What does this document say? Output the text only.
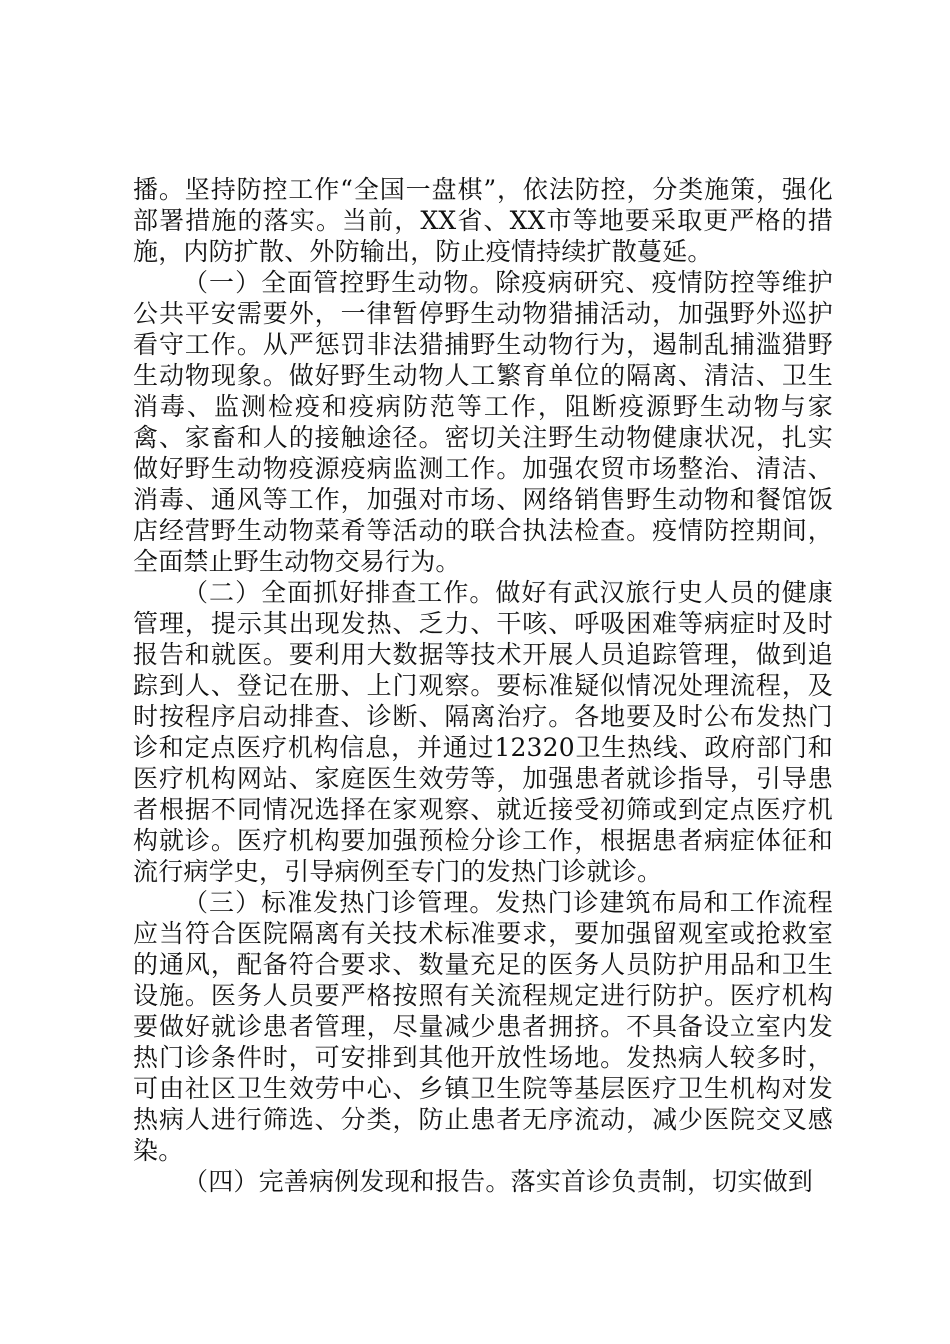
播。坚持防控工作“全国一盘棋”，依法防控，分类施策，强化部署措施的落实。当前，XX省、XX市等地要采取更严格的措施，内防扩散、外防输出，防止疫情持续扩散蔓延。

（一）全面管控野生动物。除疫病研究、疫情防控等维护公共平安需要外，一律暂停野生动物猎捕活动，加强野外巡护看守工作。从严惩罚非法猎捕野生动物行为，遏制乱捕滥猎野生动物现象。做好野生动物人工繁育单位的隔离、清洁、卫生消毒、监测检疫和疫病防范等工作，阻断疫源野生动物与家禽、家畜和人的接触途径。密切关注野生动物健康状况，扎实做好野生动物疫源疫病监测工作。加强农贸市场整治、清洁、消毒、通风等工作，加强对市场、网络销售野生动物和餐馆饭店经营野生动物菜肴等活动的联合执法检查。疫情防控期间，全面禁止野生动物交易行为。

（二）全面抓好排查工作。做好有武汉旅行史人员的健康管理，提示其出现发热、乏力、干咳、呼吸困难等病症时及时报告和就医。要利用大数据等技术开展人员追踪管理，做到追踪到人、登记在册、上门观察。要标准疑似情况处理流程，及时按程序启动排查、诊断、隔离治疗。各地要及时公布发热门诊和定点医疗机构信息，并通过12320卫生热线、政府部门和医疗机构网站、家庭医生效劳等，加强患者就诊指导，引导患者根据不同情况选择在家观察、就近接受初筛或到定点医疗机构就诊。医疗机构要加强预检分诊工作，根据患者病症体征和流行病学史，引导病例至专门的发热门诊就诊。

（三）标准发热门诊管理。发热门诊建筑布局和工作流程应当符合医院隔离有关技术标准要求，要加强留观室或抢救室的通风，配备符合要求、数量充足的医务人员防护用品和卫生设施。医务人员要严格按照有关流程规定进行防护。医疗机构要做好就诊患者管理，尽量减少患者拥挤。不具备设立室内发热门诊条件时，可安排到其他开放性场地。发热病人较多时，可由社区卫生效劳中心、乡镇卫生院等基层医疗卫生机构对发热病人进行筛选、分类，防止患者无序流动，减少医院交叉感染。

（四）完善病例发现和报告。落实首诊负责制，切实做到
